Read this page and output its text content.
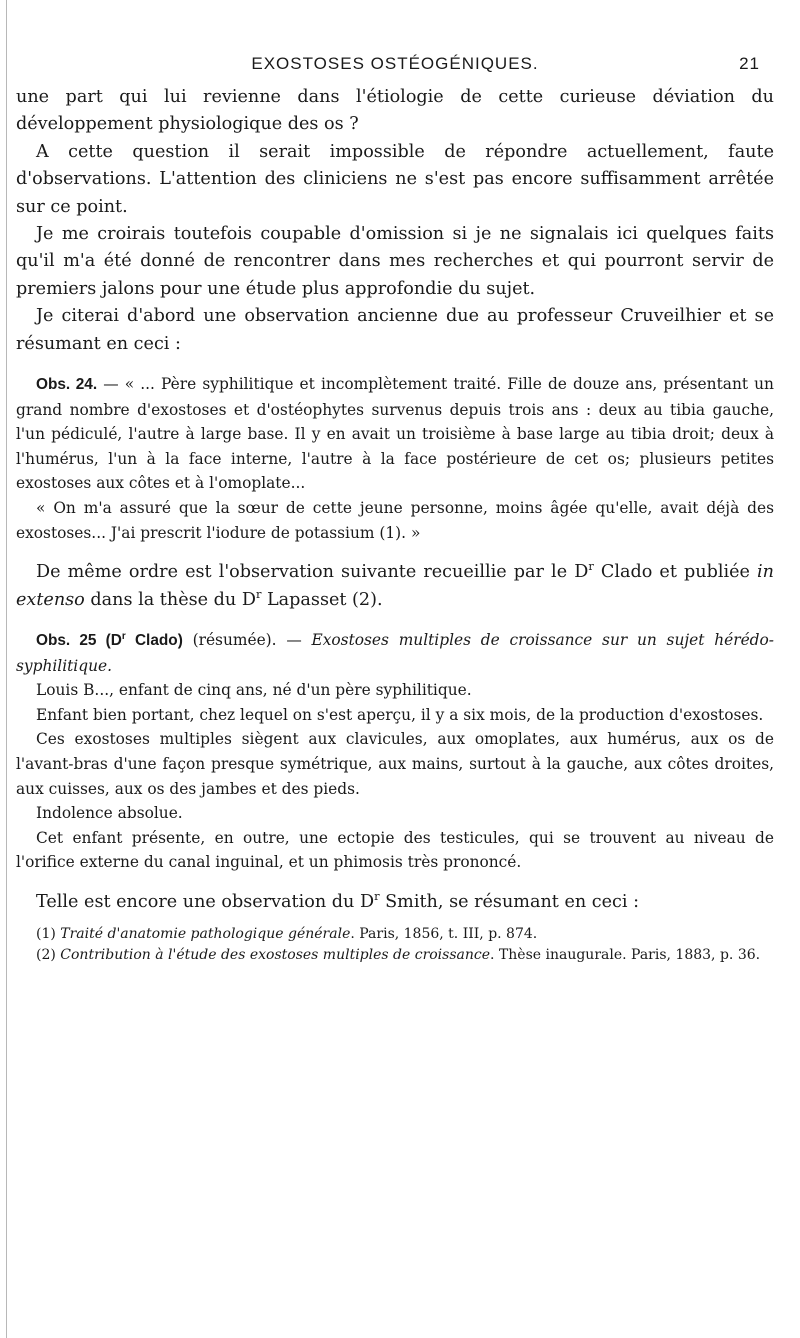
EXOSTOSES OSTÉOGÉNIQUES.	21

une part qui lui revienne dans l'étiologie de cette curieuse déviation du développement physiologique des os ?

A cette question il serait impossible de répondre actuellement, faute d'observations. L'attention des cliniciens ne s'est pas encore suffisamment arrêtée sur ce point.

Je me croirais toutefois coupable d'omission si je ne signalais ici quelques faits qu'il m'a été donné de rencontrer dans mes recherches et qui pourront servir de premiers jalons pour une étude plus approfondie du sujet.

Je citerai d'abord une observation ancienne due au professeur Cruveilhier et se résumant en ceci :

Obs. 24. — « ... Père syphilitique et incomplètement traité. Fille de douze ans, présentant un grand nombre d'exostoses et d'ostéophytes survenus depuis trois ans : deux au tibia gauche, l'un pédiculé, l'autre à large base. Il y en avait un troisième à base large au tibia droit; deux à l'humérus, l'un à la face interne, l'autre à la face postérieure de cet os; plusieurs petites exostoses aux côtes et à l'omoplate...

« On m'a assuré que la sœur de cette jeune personne, moins âgée qu'elle, avait déjà des exostoses... J'ai prescrit l'iodure de potassium (1). »

De même ordre est l'observation suivante recueillie par le $D^r$ Clado et publiée in extenso dans la thèse du $D^r$ Lapasset (2).

Obs. 25 ($D^r$ Clado) (résumée). — Exostoses multiples de croissance sur un sujet hérédo-syphilitique.

Louis B..., enfant de cinq ans, né d'un père syphilitique.

Enfant bien portant, chez lequel on s'est aperçu, il y a six mois, de la production d'exostoses.

Ces exostoses multiples siègent aux clavicules, aux omoplates, aux humérus, aux os de l'avant-bras d'une façon presque symétrique, aux mains, surtout à la gauche, aux côtes droites, aux cuisses, aux os des jambes et des pieds.

Indolence absolue.

Cet enfant présente, en outre, une ectopie des testicules, qui se trouvent au niveau de l'orifice externe du canal inguinal, et un phimosis très prononcé.

Telle est encore une observation du $D^r$ Smith, se résumant en ceci :

(1) Traité d'anatomie pathologique générale. Paris, 1856, t. III, p. 874.

(2) Contribution à l'étude des exostoses multiples de croissance. Thèse inaugurale. Paris, 1883, p. 36.
